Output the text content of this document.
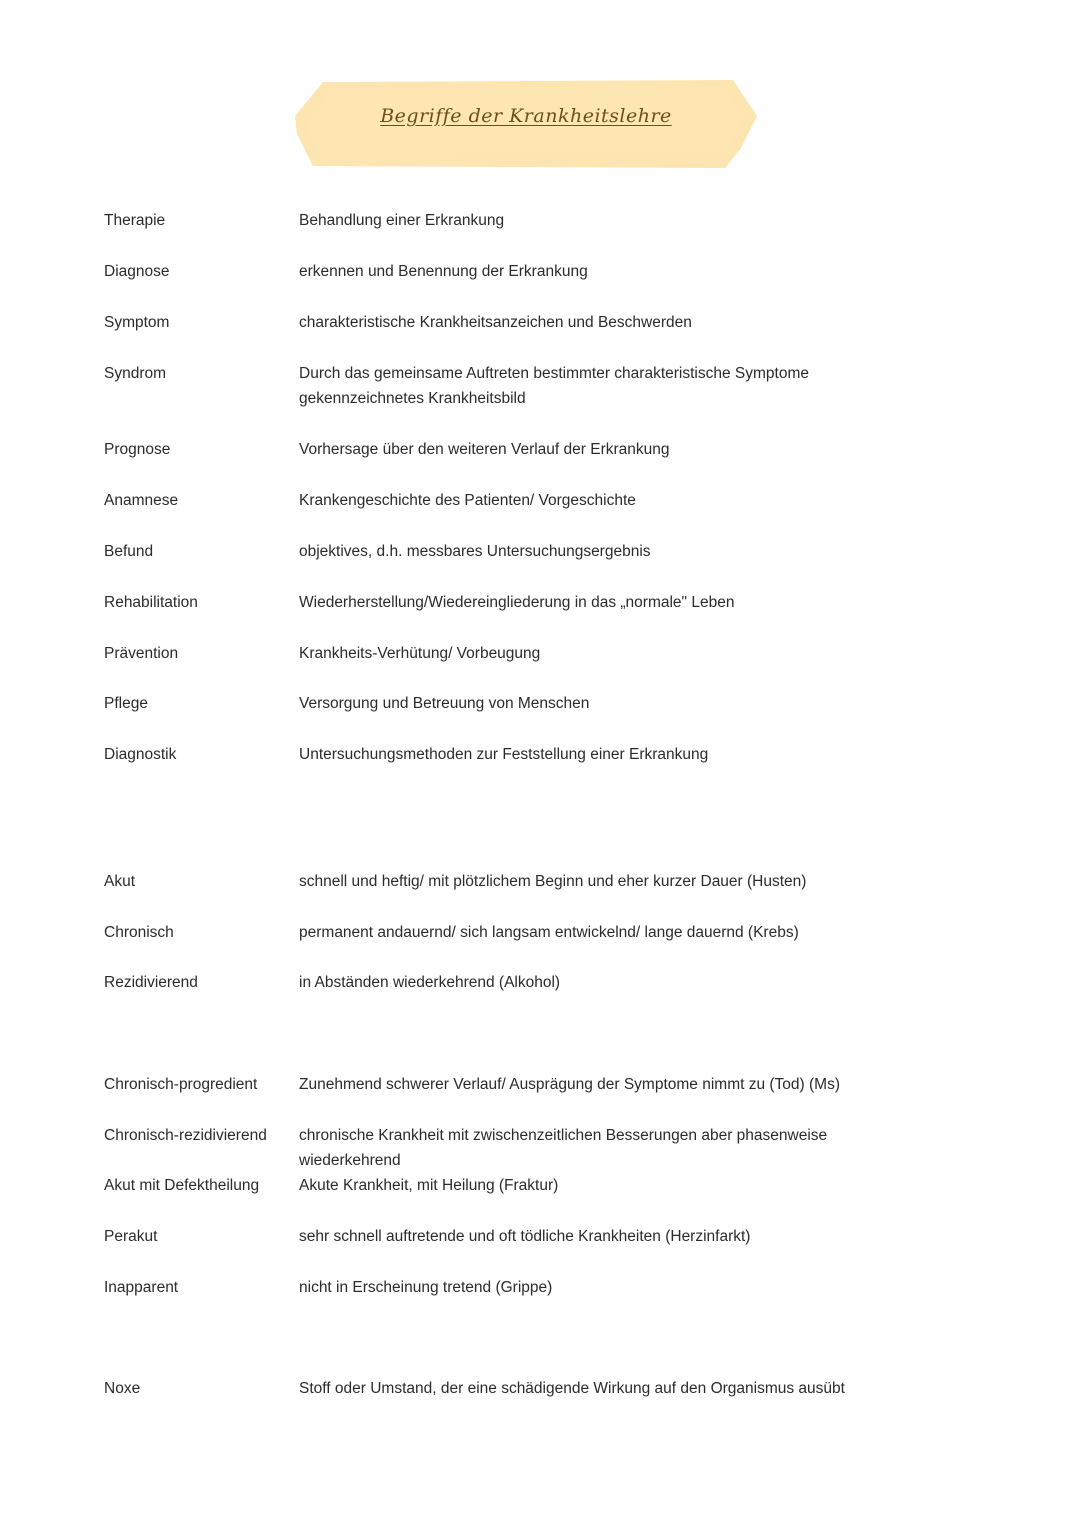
Begriffe der Krankheitslehre
Therapie	Behandlung einer Erkrankung
Diagnose	erkennen und Benennung der Erkrankung
Symptom	charakteristische Krankheitsanzeichen und Beschwerden
Syndrom	Durch das gemeinsame Auftreten bestimmter charakteristische Symptome gekennzeichnetes Krankheitsbild
Prognose	Vorhersage über den weiteren Verlauf der Erkrankung
Anamnese	Krankengeschichte des Patienten/ Vorgeschichte
Befund	objektives, d.h. messbares Untersuchungsergebnis
Rehabilitation	Wiederherstellung/Wiedereingliederung in das „normale" Leben
Prävention	Krankheits-Verhütung/ Vorbeugung
Pflege	Versorgung und Betreuung von Menschen
Diagnostik	Untersuchungsmethoden zur Feststellung einer Erkrankung
Akut	schnell und heftig/ mit plötzlichem Beginn und eher kurzer Dauer (Husten)
Chronisch	permanent andauernd/ sich langsam entwickelnd/ lange dauernd (Krebs)
Rezidivierend	in Abständen wiederkehrend (Alkohol)
Chronisch-progredient	Zunehmend schwerer Verlauf/ Ausprägung der Symptome nimmt zu (Tod) (Ms)
Chronisch-rezidivierend	chronische Krankheit mit zwischenzeitlichen Besserungen aber phasenweise wiederkehrend
Akut mit Defektheilung	Akute Krankheit, mit Heilung (Fraktur)
Perakut	sehr schnell auftretende und oft tödliche Krankheiten (Herzinfarkt)
Inapparent	nicht in Erscheinung tretend (Grippe)
Noxe	Stoff oder Umstand, der eine schädigende Wirkung auf den Organismus ausübt
